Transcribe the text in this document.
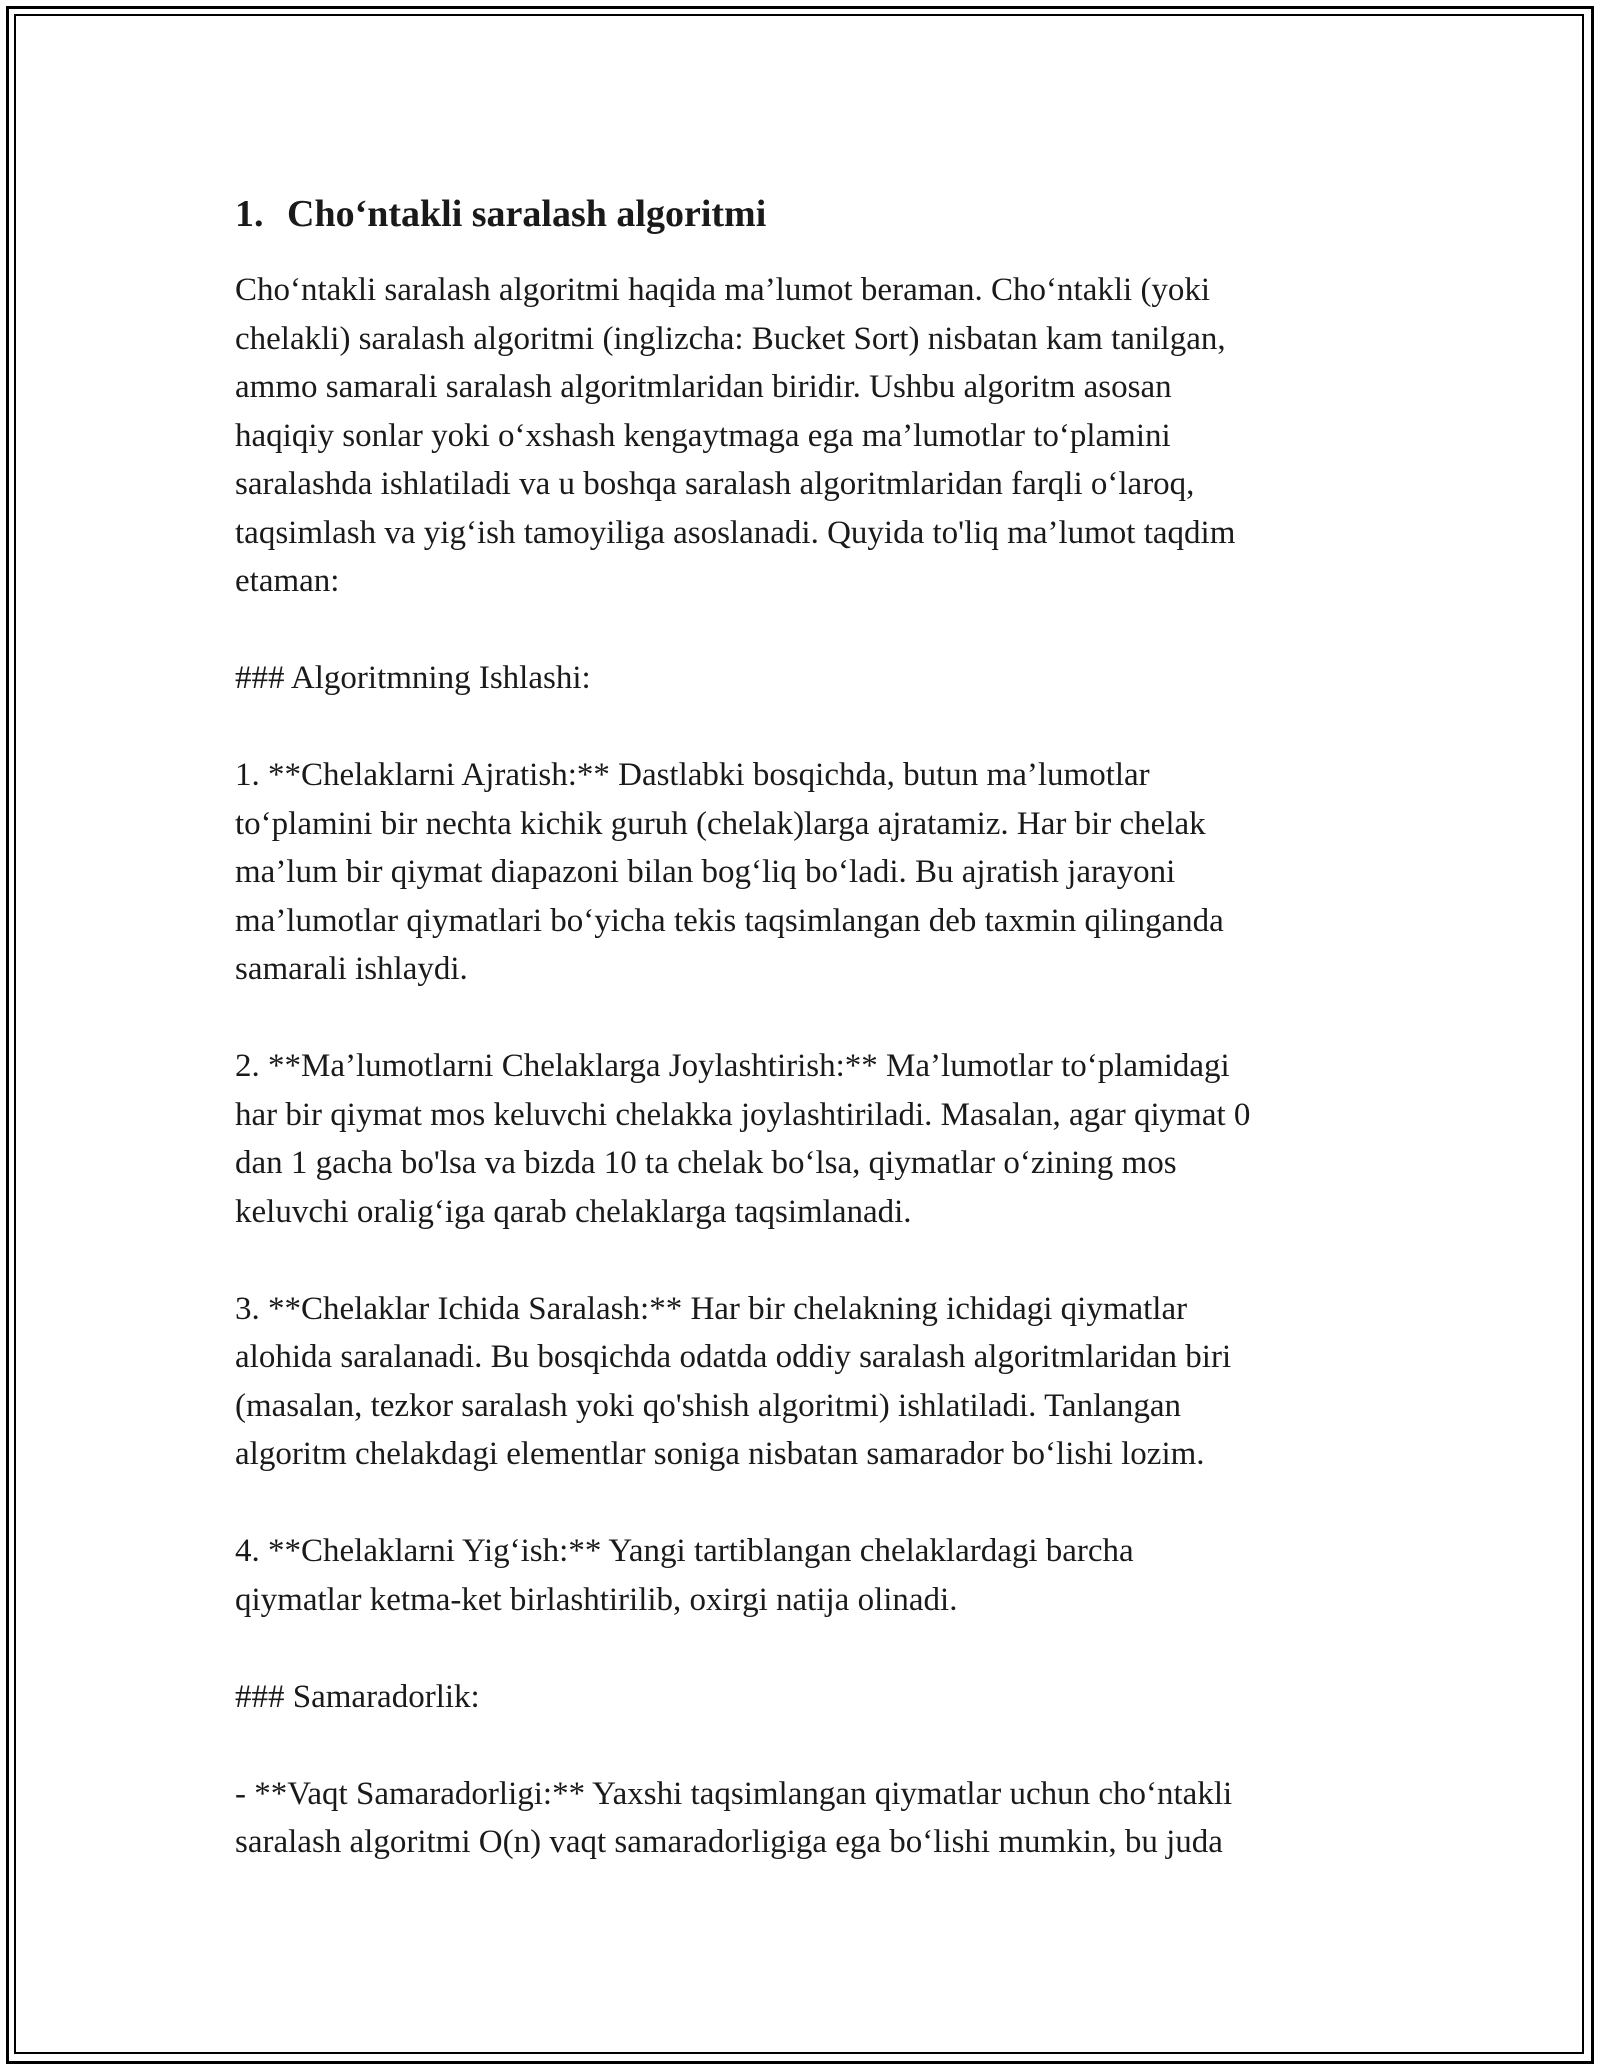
1. Cho‘ntakli saralash algoritmi
Cho‘ntakli saralash algoritmi haqida ma’lumot beraman. Cho‘ntakli (yoki
chelakli) saralash algoritmi (inglizcha: Bucket Sort) nisbatan kam tanilgan,
ammo samarali saralash algoritmlaridan biridir. Ushbu algoritm asosan
haqiqiy sonlar yoki o‘xshash kengaytmaga ega ma’lumotlar to‘plamini
saralashda ishlatiladi va u boshqa saralash algoritmlaridan farqli o‘laroq,
taqsimlash va yig‘ish tamoyiliga asoslanadi. Quyida to'liq ma’lumot taqdim
etaman:
### Algoritmning Ishlashi:
1. **Chelaklarni Ajratish:** Dastlabki bosqichda, butun ma’lumotlar
to‘plamini bir nechta kichik guruh (chelak)larga ajratamiz. Har bir chelak
ma’lum bir qiymat diapazoni bilan bog‘liq bo‘ladi. Bu ajratish jarayoni
ma’lumotlar qiymatlari bo‘yicha tekis taqsimlangan deb taxmin qilinganda
samarali ishlaydi.
2. **Ma’lumotlarni Chelaklarga Joylashtirish:** Ma’lumotlar to‘plamidagi
har bir qiymat mos keluvchi chelakka joylashtiriladi. Masalan, agar qiymat 0
dan 1 gacha bo'lsa va bizda 10 ta chelak bo‘lsa, qiymatlar o‘zining mos
keluvchi oralig‘iga qarab chelaklarga taqsimlanadi.
3. **Chelaklar Ichida Saralash:** Har bir chelakning ichidagi qiymatlar
alohida saralanadi. Bu bosqichda odatda oddiy saralash algoritmlaridan biri
(masalan, tezkor saralash yoki qo'shish algoritmi) ishlatiladi. Tanlangan
algoritm chelakdagi elementlar soniga nisbatan samarador bo‘lishi lozim.
4. **Chelaklarni Yig‘ish:** Yangi tartiblangan chelaklardagi barcha
qiymatlar ketma-ket birlashtirilib, oxirgi natija olinadi.
### Samaradorlik:
- **Vaqt Samaradorligi:** Yaxshi taqsimlangan qiymatlar uchun cho‘ntakli
saralash algoritmi O(n) vaqt samaradorligiga ega bo‘lishi mumkin, bu juda
